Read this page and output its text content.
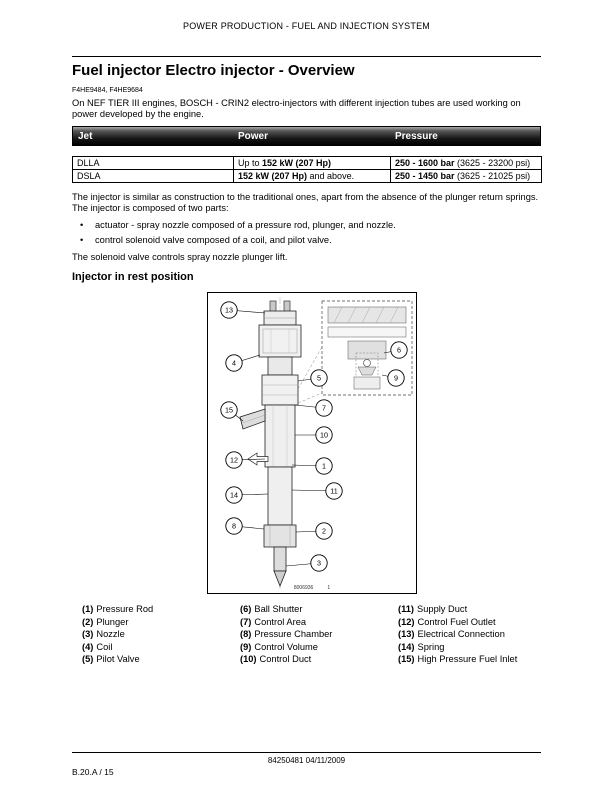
POWER PRODUCTION - FUEL AND INJECTION SYSTEM
Fuel injector Electro injector - Overview
F4HE9484, F4HE9684

On NEF TIER III engines, BOSCH - CRIN2 electro-injectors with different injection tubes are used working on power developed by the engine.

Jet	Power	Pressure
DLLA	Up to 152 kW (207 Hp)	250 - 1600 bar (3625 - 23200 psi)
DSLA	152 kW (207 Hp) and above.	250 - 1450 bar (3625 - 21025 psi)

The injector is similar as construction to the traditional ones, apart from the absence of the plunger return springs. The injector is composed of two parts:

•	actuator - spray nozzle composed of a pressure rod, plunger, and nozzle.
•	control solenoid valve composed of a coil, and pilot valve.

The solenoid valve controls spray nozzle plunger lift.

Injector in rest position
13
4
5
6
9
7
15
10
12
1
14	11
8
2
3
8006936	1
(1) Pressure Rod
(2) Plunger
(3) Nozzle
(4) Coil
(5) Pilot Valve
(6) Ball Shutter
(7) Control Area
(8) Pressure Chamber
(9) Control Volume
(10) Control Duct
(11) Supply Duct
(12) Control Fuel Outlet
(13) Electrical Connection
(14) Spring
(15) High Pressure Fuel Inlet
84250481 04/11/2009
B.20.A / 15
